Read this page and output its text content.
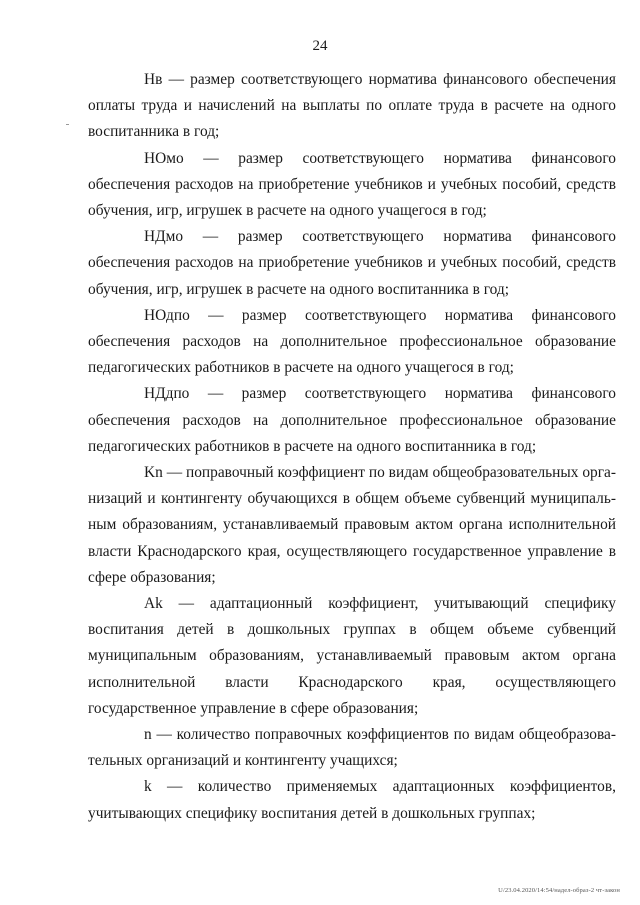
24

Нв — размер соответствующего норматива финансового обеспечения оплаты труда и начислений на выплаты по оплате труда в расчете на одного воспитанника в год;

НОмо — размер соответствующего норматива финансового обеспечения расходов на приобретение учебников и учебных пособий, средств обучения, игр, игрушек в расчете на одного учащегося в год;

НДмо — размер соответствующего норматива финансового обеспечения расходов на приобретение учебников и учебных пособий, средств обучения, игр, игрушек в расчете на одного воспитанника в год;

НОдпо — размер соответствующего норматива финансового обеспечения расходов на дополнительное профессиональное образование педагогических работников в расчете на одного учащегося в год;

НДдпо — размер соответствующего норматива финансового обеспечения расходов на дополнительное профессиональное образование педагогических работников в расчете на одного воспитанника в год;

Kn — поправочный коэффициент по видам общеобразовательных организаций и контингенту обучающихся в общем объеме субвенций муниципальным образованиям, устанавливаемый правовым актом органа исполнительной власти Краснодарского края, осуществляющего государственное управление в сфере образования;

Ak — адаптационный коэффициент, учитывающий специфику воспитания детей в дошкольных группах в общем объеме субвенций муниципальным образованиям, устанавливаемый правовым актом органа исполнительной власти Краснодарского края, осуществляющего государственное управление в сфере образования;

n — количество поправочных коэффициентов по видам общеобразовательных организаций и контингенту учащихся;

k — количество применяемых адаптационных коэффициентов, учитывающих специфику воспитания детей в дошкольных группах;

U/23.04.2020/14:54/надел-образ-2 чт-закон
